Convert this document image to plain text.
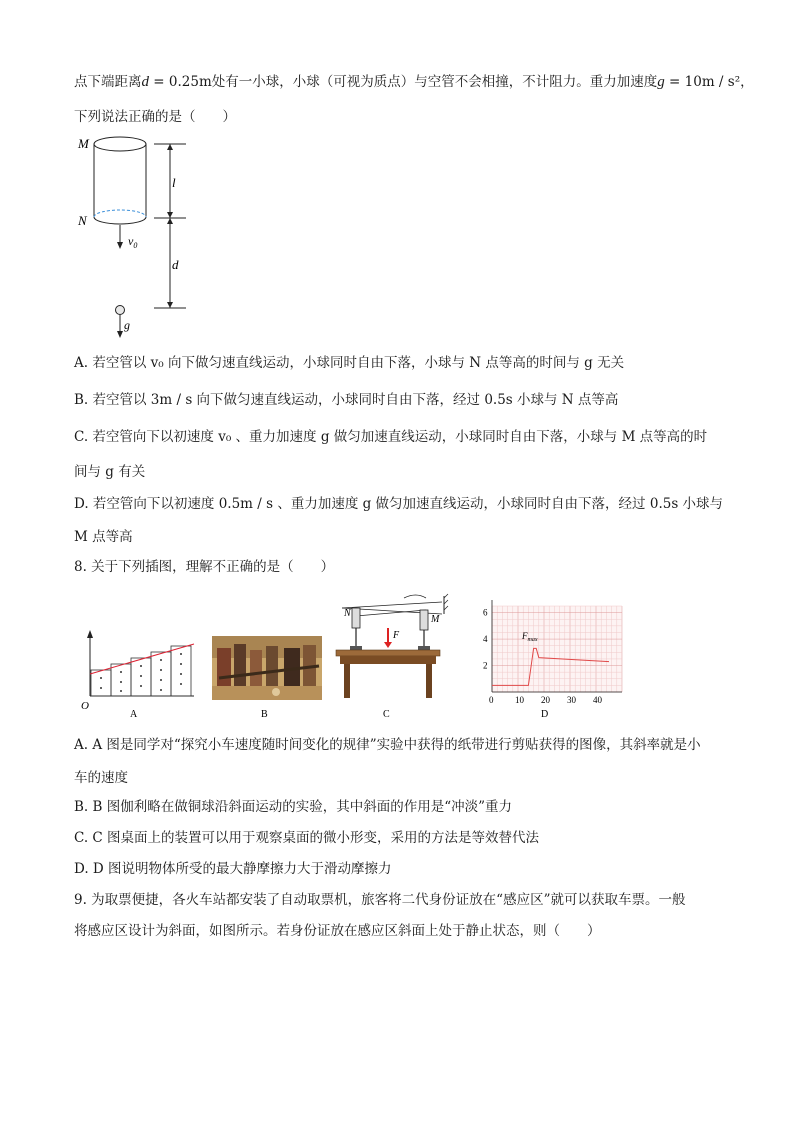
点下端距离d = 0.25m处有一小球，小球（可视为质点）与空管不会相撞，不计阻力。重力加速度g = 10m / s²，
下列说法正确的是（　　）
M
N
$v_0$
l
d
g
A. 若空管以 v₀ 向下做匀速直线运动，小球同时自由下落，小球与 N 点等高的时间与 g 无关
B. 若空管以 3m / s 向下做匀速直线运动，小球同时自由下落，经过 0.5s 小球与 N 点等高
C. 若空管向下以初速度 v₀ 、重力加速度 g 做匀加速直线运动，小球同时自由下落，小球与 M 点等高的时
间与 g 有关
D. 若空管向下以初速度 0.5m / s 、重力加速度 g 做匀加速直线运动，小球同时自由下落，经过 0.5s 小球与
M 点等高
8. 关于下列插图，理解不正确的是（　　）
O
A	B
N
M
F
C
0 10 20 30 40
2
4
6
$F_{max}$
D
A. A 图是同学对“探究小车速度随时间变化的规律”实验中获得的纸带进行剪贴获得的图像，其斜率就是小
车的速度
B. B 图伽利略在做铜球沿斜面运动的实验，其中斜面的作用是“冲淡”重力
C. C 图桌面上的装置可以用于观察桌面的微小形变，采用的方法是等效替代法
D. D 图说明物体所受的最大静摩擦力大于滑动摩擦力
9. 为取票便捷，各火车站都安装了自动取票机，旅客将二代身份证放在“感应区”就可以获取车票。一般
将感应区设计为斜面，如图所示。若身份证放在感应区斜面上处于静止状态，则（　　）
